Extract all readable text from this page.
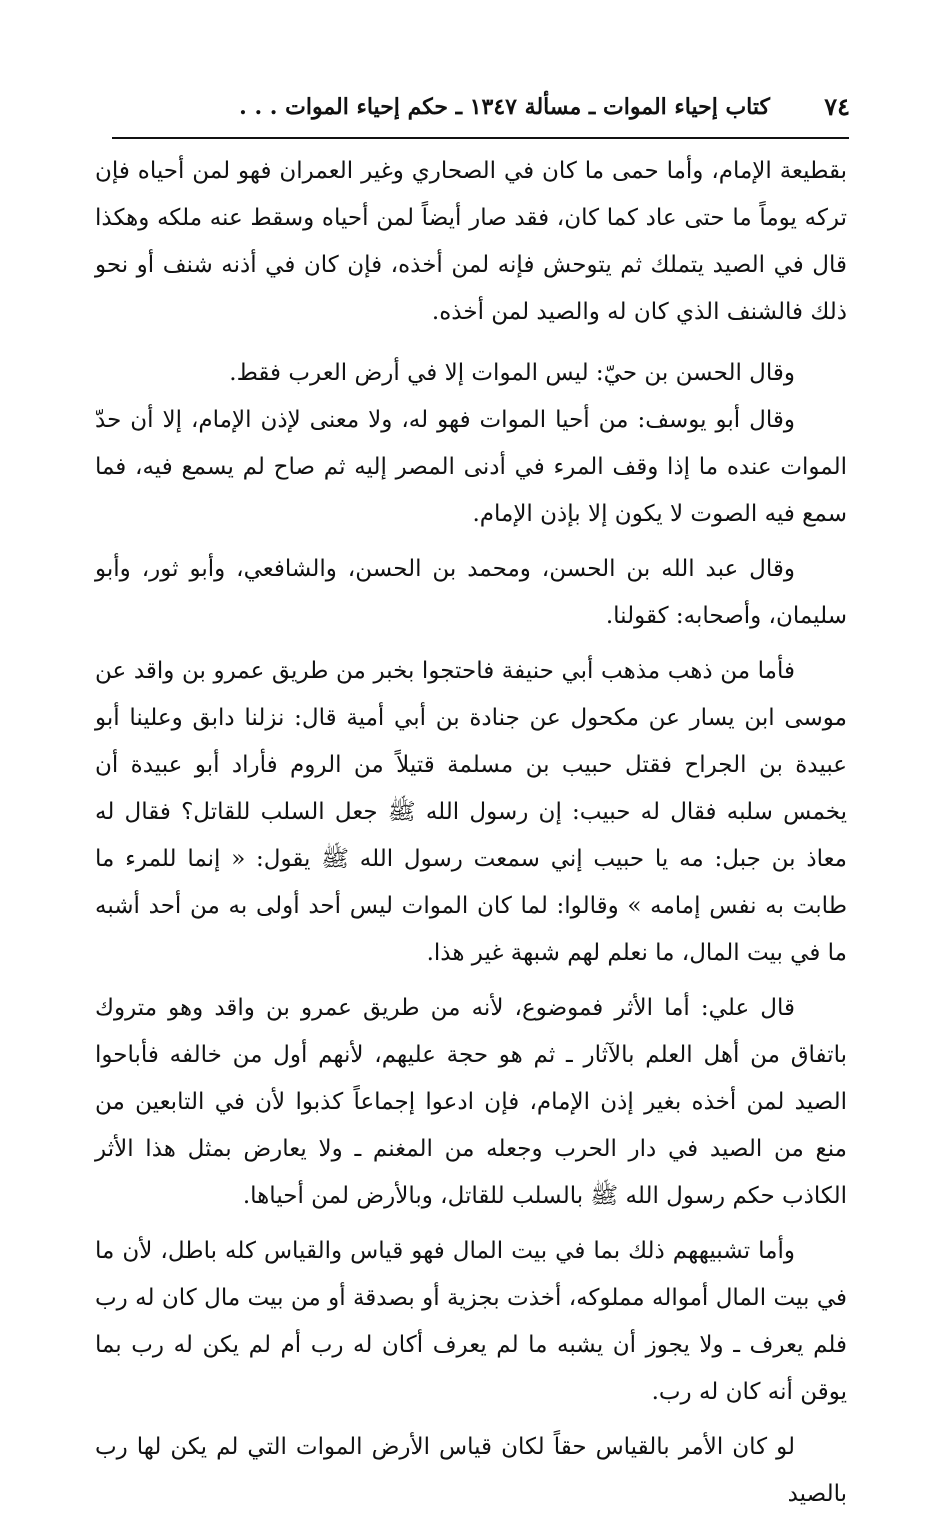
٧٤
كتاب إحياء الموات ـ مسألة ١٣٤٧ ـ حكم إحياء الموات . . .

بقطيعة الإمام، وأما حمى ما كان في الصحاري وغير العمران فهو لمن أحياه فإن تركه يوماً ما حتى عاد كما كان، فقد صار أيضاً لمن أحياه وسقط عنه ملكه وهكذا قال في الصيد يتملك ثم يتوحش فإنه لمن أخذه، فإن كان في أذنه شنف أو نحو ذلك فالشنف الذي كان له والصيد لمن أخذه.

وقال الحسن بن حيّ: ليس الموات إلا في أرض العرب فقط.

وقال أبو يوسف: من أحيا الموات فهو له، ولا معنى لإذن الإمام، إلا أن حدّ الموات عنده ما إذا وقف المرء في أدنى المصر إليه ثم صاح لم يسمع فيه، فما سمع فيه الصوت لا يكون إلا بإذن الإمام.

وقال عبد الله بن الحسن، ومحمد بن الحسن، والشافعي، وأبو ثور، وأبو سليمان، وأصحابه: كقولنا.

فأما من ذهب مذهب أبي حنيفة فاحتجوا بخبر من طريق عمرو بن واقد عن موسى ابن يسار عن مكحول عن جنادة بن أبي أمية قال: نزلنا دابق وعلينا أبو عبيدة بن الجراح فقتل حبيب بن مسلمة قتيلاً من الروم فأراد أبو عبيدة أن يخمس سلبه فقال له حبيب: إن رسول الله ﷺ جعل السلب للقاتل؟ فقال له معاذ بن جبل: مه يا حبيب إني سمعت رسول الله ﷺ يقول: « إنما للمرء ما طابت به نفس إمامه » وقالوا: لما كان الموات ليس أحد أولى به من أحد أشبه ما في بيت المال، ما نعلم لهم شبهة غير هذا.

قال علي: أما الأثر فموضوع، لأنه من طريق عمرو بن واقد وهو متروك باتفاق من أهل العلم بالآثار ـ ثم هو حجة عليهم، لأنهم أول من خالفه فأباحوا الصيد لمن أخذه بغير إذن الإمام، فإن ادعوا إجماعاً كذبوا لأن في التابعين من منع من الصيد في دار الحرب وجعله من المغنم ـ ولا يعارض بمثل هذا الأثر الكاذب حكم رسول الله ﷺ بالسلب للقاتل، وبالأرض لمن أحياها.

وأما تشبيههم ذلك بما في بيت المال فهو قياس والقياس كله باطل، لأن ما في بيت المال أمواله مملوكه، أخذت بجزية أو بصدقة أو من بيت مال كان له رب فلم يعرف ـ ولا يجوز أن يشبه ما لم يعرف أكان له رب أم لم يكن له رب بما يوقن أنه كان له رب.

لو كان الأمر بالقياس حقاً لكان قياس الأرض الموات التي لم يكن لها رب بالصيد
